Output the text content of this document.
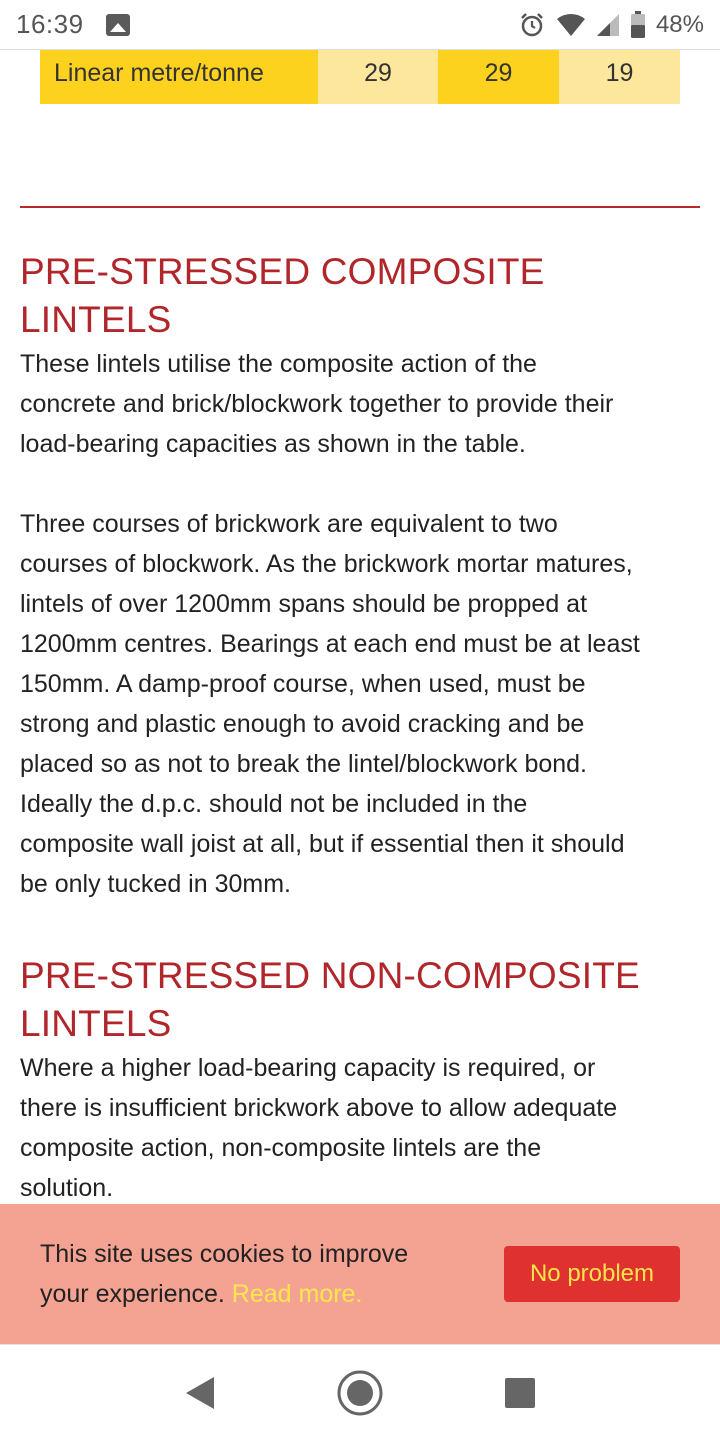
16:39	48%
Linear metre/tonne	29	29	19
PRE-STRESSED COMPOSITE LINTELS

These lintels utilise the composite action of the
concrete and brick/blockwork together to provide their
load-bearing capacities as shown in the table.

Three courses of brickwork are equivalent to two
courses of blockwork. As the brickwork mortar matures,
lintels of over 1200mm spans should be propped at
1200mm centres. Bearings at each end must be at least
150mm. A damp-proof course, when used, must be
strong and plastic enough to avoid cracking and be
placed so as not to break the lintel/blockwork bond.
Ideally the d.p.c. should not be included in the
composite wall joist at all, but if essential then it should
be only tucked in 30mm.

PRE-STRESSED NON-COMPOSITE
LINTELS

Where a higher load-bearing capacity is required, or
there is insufficient brickwork above to allow adequate
composite action, non-composite lintels are the
solution.

This site uses cookies to improve
your experience. Read more.
No problem
